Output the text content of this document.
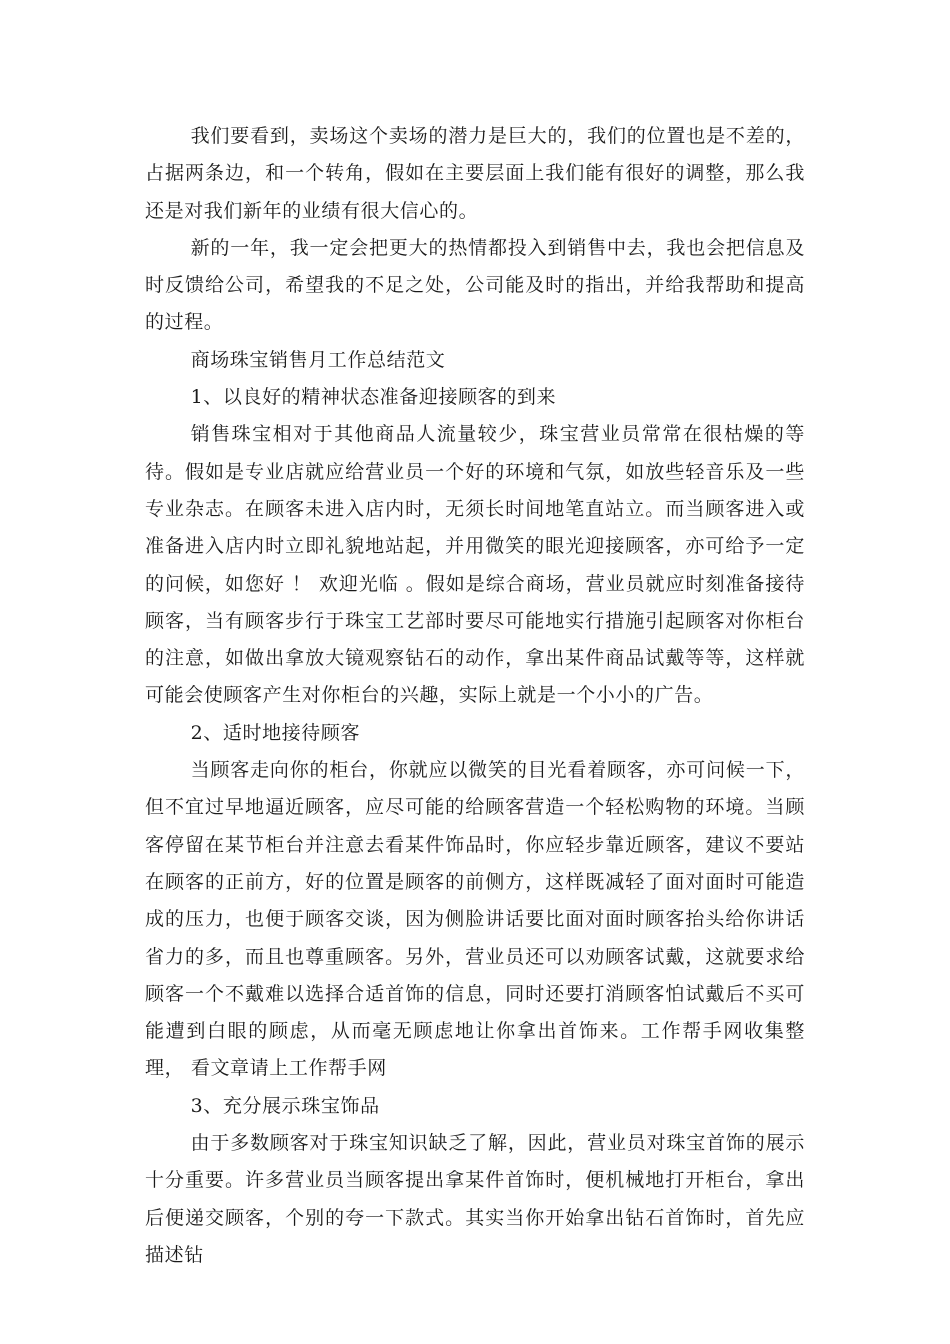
我们要看到，卖场这个卖场的潜力是巨大的，我们的位置也是不差的，占据两条边，和一个转角，假如在主要层面上我们能有很好的调整，那么我还是对我们新年的业绩有很大信心的。

新的一年，我一定会把更大的热情都投入到销售中去，我也会把信息及时反馈给公司，希望我的不足之处，公司能及时的指出，并给我帮助和提高的过程。

商场珠宝销售月工作总结范文

1、以良好的精神状态准备迎接顾客的到来

销售珠宝相对于其他商品人流量较少，珠宝营业员常常在很枯燥的等待。假如是专业店就应给营业员一个好的环境和气氛，如放些轻音乐及一些专业杂志。在顾客未进入店内时，无须长时间地笔直站立。而当顾客进入或准备进入店内时立即礼貌地站起，并用微笑的眼光迎接顾客，亦可给予一定的问候，如您好 ！ 欢迎光临 。假如是综合商场，营业员就应时刻准备接待顾客，当有顾客步行于珠宝工艺部时要尽可能地实行措施引起顾客对你柜台的注意，如做出拿放大镜观察钻石的动作，拿出某件商品试戴等等，这样就可能会使顾客产生对你柜台的兴趣，实际上就是一个小小的广告。

2、适时地接待顾客

当顾客走向你的柜台，你就应以微笑的目光看着顾客，亦可问候一下，但不宜过早地逼近顾客，应尽可能的给顾客营造一个轻松购物的环境。当顾客停留在某节柜台并注意去看某件饰品时，你应轻步靠近顾客，建议不要站在顾客的正前方，好的位置是顾客的前侧方，这样既减轻了面对面时可能造成的压力，也便于顾客交谈，因为侧脸讲话要比面对面时顾客抬头给你讲话省力的多，而且也尊重顾客。另外，营业员还可以劝顾客试戴，这就要求给顾客一个不戴难以选择合适首饰的信息，同时还要打消顾客怕试戴后不买可能遭到白眼的顾虑，从而毫无顾虑地让你拿出首饰来。工作帮手网收集整理， 看文章请上工作帮手网

3、充分展示珠宝饰品

由于多数顾客对于珠宝知识缺乏了解，因此，营业员对珠宝首饰的展示十分重要。许多营业员当顾客提出拿某件首饰时，便机械地打开柜台，拿出后便递交顾客，个别的夸一下款式。其实当你开始拿出钻石首饰时，首先应描述钻
